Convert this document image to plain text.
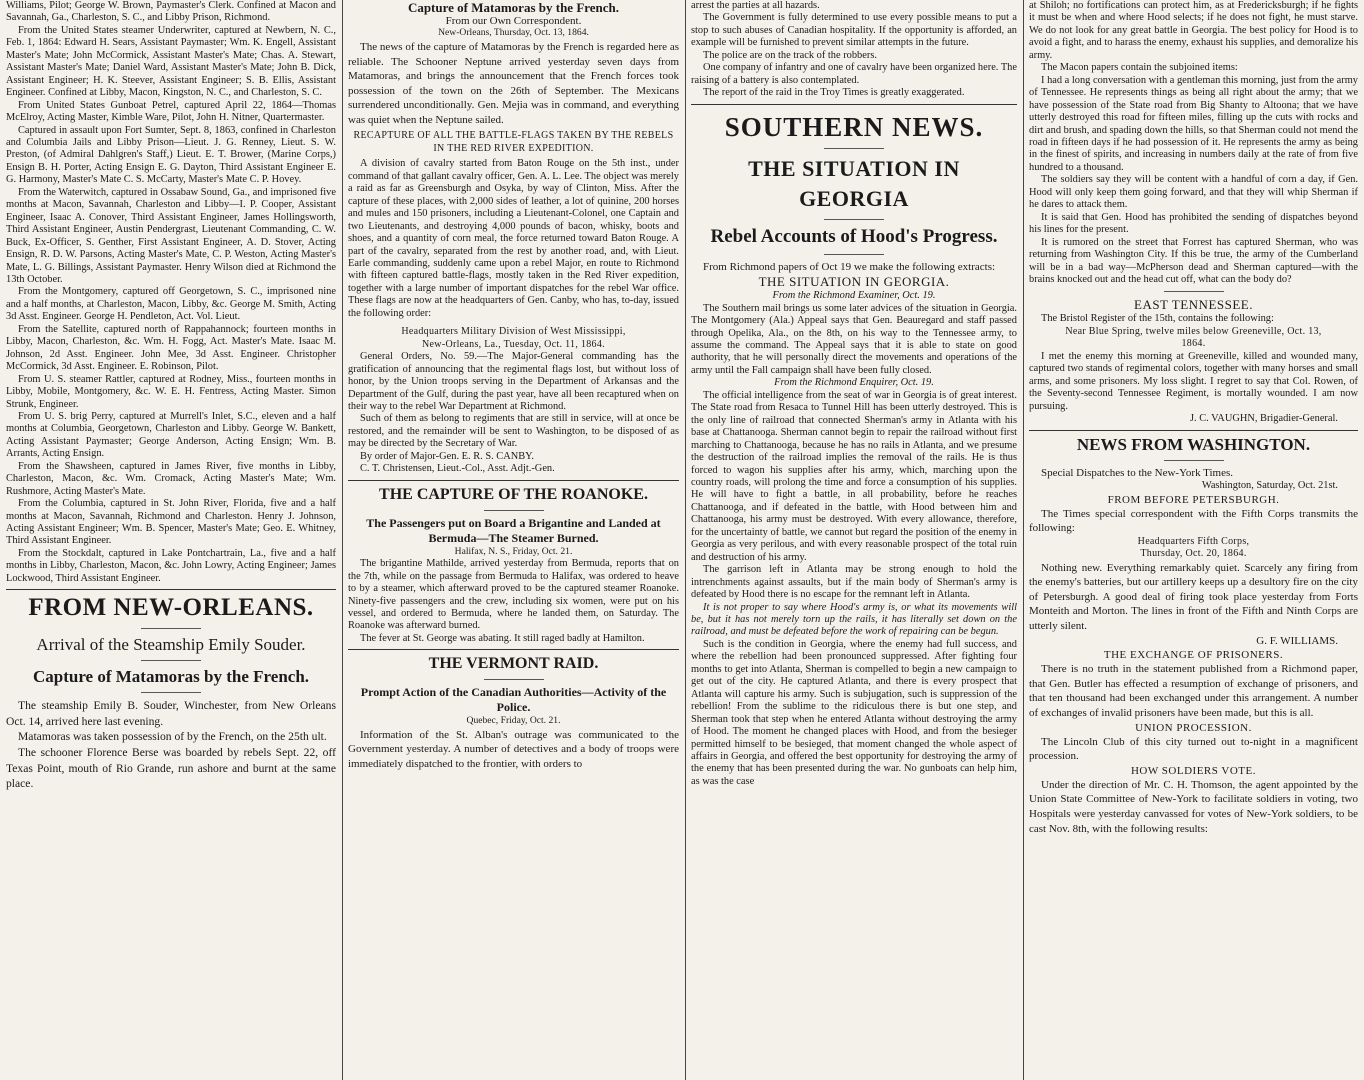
Williams, Pilot; George W. Brown, Paymaster's Clerk. Confined at Macon and Savannah, Ga., Charleston, S. C., and Libby Prison, Richmond.

From the United States steamer Underwriter, captured at Newbern, N. C., Feb. 1, 1864: Edward H. Sears, Assistant Paymaster; Wm. K. Engell, Assistant Master's Mate; John McCormick, Assistant Master's Mate; Chas. A. Stewart, Assistant Master's Mate; Daniel Ward, Assistant Master's Mate; John B. Dick, Assistant Engineer; H. K. Steever, Assistant Engineer; S. B. Ellis, Assistant Engineer. Confined at Libby, Macon, Kingston, N. C., and Charleston, S. C.

From United States Gunboat Petrel, captured April 22, 1864—Thomas McElroy, Acting Master, Kimble Ware, Pilot, John H. Nitner, Quartermaster.

Captured in assault upon Fort Sumter, Sept. 8, 1863, confined in Charleston and Columbia Jails and Libby Prison—Lieut. J. G. Renney, Lieut. S. W. Preston, (of Admiral Dahlgren's Staff,) Lieut. E. T. Brower, (Marine Corps,) Ensign B. H. Porter, Acting Ensign E. G. Dayton, Third Assistant Engineer E. G. Harmony, Master's Mate C. S. McCarty, Master's Mate C. P. Hovey.

From the Waterwitch, captured in Ossabaw Sound, Ga., and imprisoned five months at Macon, Savannah, Charleston and Libby—I. P. Cooper, Assistant Engineer, Isaac A. Conover, Third Assistant Engineer, James Hollingsworth, Third Assistant Engineer, Austin Pendergrast, Lieutenant Commanding, C. W. Buck, Ex-Officer, S. Genther, First Assistant Engineer, A. D. Stover, Acting Ensign, R. D. W. Parsons, Acting Master's Mate, C. P. Weston, Acting Master's Mate, L. G. Billings, Assistant Paymaster. Henry Wilson died at Richmond the 13th October.

From the Montgomery, captured off Georgetown, S. C., imprisoned nine and a half months, at Charleston, Macon, Libby, &c. George M. Smith, Acting 3d Asst. Engineer. George H. Pendleton, Act. Vol. Lieut.

From the Satellite, captured north of Rappahannock; fourteen months in Libby, Macon, Charleston, &c. Wm. H. Fogg, Act. Master's Mate. Isaac M. Johnson, 2d Asst. Engineer. John Mee, 3d Asst. Engineer. Christopher McCormick, 3d Asst. Engineer. E. Robinson, Pilot.

From U. S. steamer Rattler, captured at Rodney, Miss., fourteen months in Libby, Mobile, Montgomery, &c. W. E. H. Fentress, Acting Master. Simon Strunk, Engineer.

From U. S. brig Perry, captured at Murrell's Inlet, S.C., eleven and a half months at Columbia, Georgetown, Charleston and Libby. George W. Bankett, Acting Assistant Paymaster; George Anderson, Acting Ensign; Wm. B. Arrants, Acting Ensign.

From the Shawsheen, captured in James River, five months in Libby, Charleston, Macon, &c. Wm. Cromack, Acting Master's Mate; Wm. Rushmore, Acting Master's Mate.

From the Columbia, captured in St. John River, Florida, five and a half months at Macon, Savannah, Richmond and Charleston. Henry J. Johnson, Acting Assistant Engineer; Wm. B. Spencer, Master's Mate; Geo. E. Whitney, Third Assistant Engineer.

From the Stockdalt, captured in Lake Pontchartrain, La., five and a half months in Libby, Charleston, Macon, &c. John Lowry, Acting Engineer; James Lockwood, Third Assistant Engineer.

FROM NEW-ORLEANS.
Arrival of the Steamship Emily Souder.
Capture of Matamoras by the French.

The steamship Emily B. Souder, Winchester, from New Orleans Oct. 14, arrived here last evening.

Matamoras was taken possession of by the French, on the 25th ult.

The schooner Florence Berse was boarded by rebels Sept. 22, off Texas Point, mouth of Rio Grande, run ashore and burnt at the same place.

Capture of Matamoras by the French.
From our Own Correspondent.
New-Orleans, Thursday, Oct. 13, 1864.

The news of the capture of Matamoras by the French is regarded here as reliable. The Schooner Neptune arrived yesterday seven days from Matamoras, and brings the announcement that the French forces took possession of the town on the 26th of September. The Mexicans surrendered unconditionally. Gen. Mejia was in command, and everything was quiet when the Neptune sailed.

RECAPTURE OF ALL THE BATTLE-FLAGS TAKEN BY THE REBELS IN THE RED RIVER EXPEDITION.

A division of cavalry started from Baton Rouge on the 5th inst., under command of that gallant cavalry officer, Gen. A. L. Lee. The object was merely a raid as far as Greensburgh and Osyka, by way of Clinton, Miss. After the capture of these places, with 2,000 sides of leather, a lot of quinine, 200 horses and mules and 150 prisoners, including a Lieutenant-Colonel, one Captain and two Lieutenants, and destroying 4,000 pounds of bacon, whisky, boots and shoes, and a quantity of corn meal, the force returned toward Baton Rouge. A part of the cavalry, separated from the rest by another road, and, with Lieut. Earle commanding, suddenly came upon a rebel Major, en route to Richmond with fifteen captured battle-flags, mostly taken in the Red River expedition, together with a large number of important dispatches for the rebel War office. These flags are now at the headquarters of Gen. Canby, who has, to-day, issued the following order:

Headquarters Military Division of West Mississippi,
New-Orleans, La., Tuesday, Oct. 11, 1864.

General Orders, No. 59.—The Major-General commanding has the gratification of announcing that the regimental flags lost, but without loss of honor, by the Union troops serving in the Department of Arkansas and the Department of the Gulf, during the past year, have all been recaptured when on their way to the rebel War Department at Richmond.

Such of them as belong to regiments that are still in service, will at once be restored, and the remainder will be sent to Washington, to be disposed of as may be directed by the Secretary of War.

By order of Major-Gen. E. R. S. CANBY.

C. T. Christensen, Lieut.-Col., Asst. Adjt.-Gen.

THE CAPTURE OF THE ROANOKE.
The Passengers put on Board a Brigantine and Landed at Bermuda—The Steamer Burned.
Halifax, N. S., Friday, Oct. 21.

The brigantine Mathilde, arrived yesterday from Bermuda, reports that on the 7th, while on the passage from Bermuda to Halifax, was ordered to heave to by a steamer, which afterward proved to be the captured steamer Roanoke. Ninety-five passengers and the crew, including six women, were put on his vessel, and ordered to Bermuda, where he landed them, on Saturday. The Roanoke was afterward burned.

The fever at St. George was abating. It still raged badly at Hamilton.

THE VERMONT RAID.
Prompt Action of the Canadian Authorities—Activity of the Police.
Quebec, Friday, Oct. 21.

Information of the St. Alban's outrage was communicated to the Government yesterday. A number of detectives and a body of troops were immediately dispatched to the frontier, with orders to

arrest the parties at all hazards.

The Government is fully determined to use every possible means to put a stop to such abuses of Canadian hospitality. If the opportunity is afforded, an example will be furnished to prevent similar attempts in the future.

The police are on the track of the robbers.

One company of infantry and one of cavalry have been organized here. The raising of a battery is also contemplated.

The report of the raid in the Troy Times is greatly exaggerated.

SOUTHERN NEWS.
THE SITUATION IN GEORGIA
Rebel Accounts of Hood's Progress.

From Richmond papers of Oct 19 we make the following extracts:

THE SITUATION IN GEORGIA.
From the Richmond Examiner, Oct. 19.

The Southern mail brings us some later advices of the situation in Georgia. The Montgomery (Ala.) Appeal says that Gen. Beauregard and staff passed through Opelika, Ala., on the 8th, on his way to the Tennessee army, to assume the command. The Appeal says that it is able to state on good authority, that he will personally direct the movements and operations of the army until the Fall campaign shall have been fully closed.

From the Richmond Enquirer, Oct. 19.

The official intelligence from the seat of war in Georgia is of great interest. The State road from Resaca to Tunnel Hill has been utterly destroyed. This is the only line of railroad that connected Sherman's army in Atlanta with his base at Chattanooga. Sherman cannot begin to repair the railroad without first marching to Chattanooga, because he has no rails in Atlanta, and we presume the destruction of the railroad implies the removal of the rails. He is thus forced to wagon his supplies after his army, which, marching upon the country roads, will prolong the time and force a consumption of his supplies. He will have to fight a battle, in all probability, before he reaches Chattanooga, and if defeated in the battle, with Hood between him and Chattanooga, his army must be destroyed. With every allowance, therefore, for the uncertainty of battle, we cannot but regard the position of the enemy in Georgia as very perilous, and with every reasonable prospect of the total ruin and destruction of his army.

The garrison left in Atlanta may be strong enough to hold the intrenchments against assaults, but if the main body of Sherman's army is defeated by Hood there is no escape for the remnant left in Atlanta.

It is not proper to say where Hood's army is, or what its movements will be, but it has not merely torn up the rails, it has literally set down on the railroad, and must be defeated before the work of repairing can be begun.

Such is the condition in Georgia, where the enemy had full success, and where the rebellion had been pronounced suppressed. After fighting four months to get into Atlanta, Sherman is compelled to begin a new campaign to get out of the city. He captured Atlanta, and there is every prospect that Atlanta will capture his army. Such is subjugation, such is suppression of the rebellion! From the sublime to the ridiculous there is but one step, and Sherman took that step when he entered Atlanta without destroying the army of Hood. The moment he changed places with Hood, and from the besieger permitted himself to be besieged, that moment changed the whole aspect of affairs in Georgia, and offered the best opportunity for destroying the army of the enemy that has been presented during the war. No gunboats can help him, as was the case

at Shiloh; no fortifications can protect him, as at Fredericksburgh; if he fights it must be when and where Hood selects; if he does not fight, he must starve. We do not look for any great battle in Georgia. The best policy for Hood is to avoid a fight, and to harass the enemy, exhaust his supplies, and demoralize his army.

The Macon papers contain the subjoined items:

I had a long conversation with a gentleman this morning, just from the army of Tennessee. He represents things as being all right about the army; that we have possession of the State road from Big Shanty to Altoona; that we have utterly destroyed this road for fifteen miles, filling up the cuts with rocks and dirt and brush, and spading down the hills, so that Sherman could not mend the road in fifteen days if he had possession of it. He represents the army as being in the finest of spirits, and increasing in numbers daily at the rate of from five hundred to a thousand.

The soldiers say they will be content with a handful of corn a day, if Gen. Hood will only keep them going forward, and that they will whip Sherman if he dares to attack them.

It is said that Gen. Hood has prohibited the sending of dispatches beyond his lines for the present.

It is rumored on the street that Forrest has captured Sherman, who was returning from Washington City. If this be true, the army of the Cumberland will be in a bad way—McPherson dead and Sherman captured—with the brains knocked out and the head cut off, what can the body do?

EAST TENNESSEE.

The Bristol Register of the 15th, contains the following:

Near Blue Spring, twelve miles below Greeneville, Oct. 13, 1864.

I met the enemy this morning at Greeneville, killed and wounded many, captured two stands of regimental colors, together with many horses and small arms, and some prisoners. My loss slight. I regret to say that Col. Rowen, of the Seventy-second Tennessee Regiment, is mortally wounded. I am now pursuing.

J. C. VAUGHN, Brigadier-General.
NEWS FROM WASHINGTON.

Special Dispatches to the New-York Times.

Washington, Saturday, Oct. 21st.
FROM BEFORE PETERSBURGH.

The Times special correspondent with the Fifth Corps transmits the following:

Headquarters Fifth Corps,
Thursday, Oct. 20, 1864.

Nothing new. Everything remarkably quiet. Scarcely any firing from the enemy's batteries, but our artillery keeps up a desultory fire on the city of Petersburgh. A good deal of firing took place yesterday from Forts Monteith and Morton. The lines in front of the Fifth and Ninth Corps are utterly silent.

G. F. WILLIAMS.
THE EXCHANGE OF PRISONERS.

There is no truth in the statement published from a Richmond paper, that Gen. Butler has effected a resumption of exchange of prisoners, and that ten thousand had been exchanged under this arrangement. A number of exchanges of invalid prisoners have been made, but this is all.

UNION PROCESSION.

The Lincoln Club of this city turned out to-night in a magnificent procession.

HOW SOLDIERS VOTE.

Under the direction of Mr. C. H. Thomson, the agent appointed by the Union State Committee of New-York to facilitate soldiers in voting, two Hospitals were yesterday canvassed for votes of New-York soldiers, to be cast Nov. 8th, with the following results:
